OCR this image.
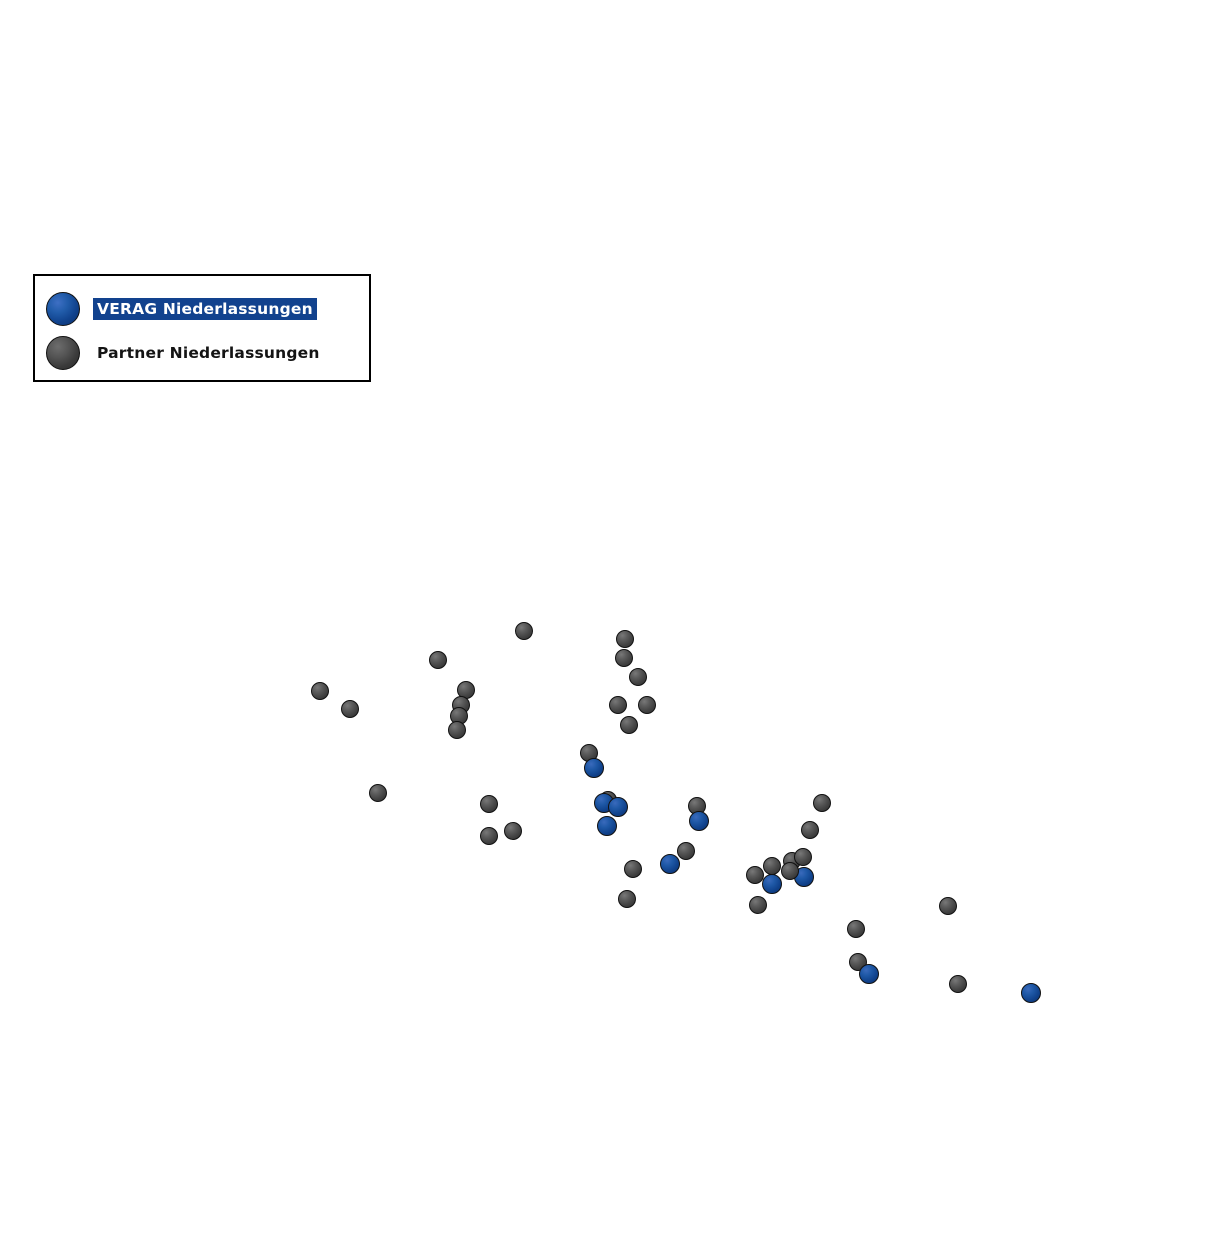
VERAG Niederlassungen
Partner Niederlassungen
